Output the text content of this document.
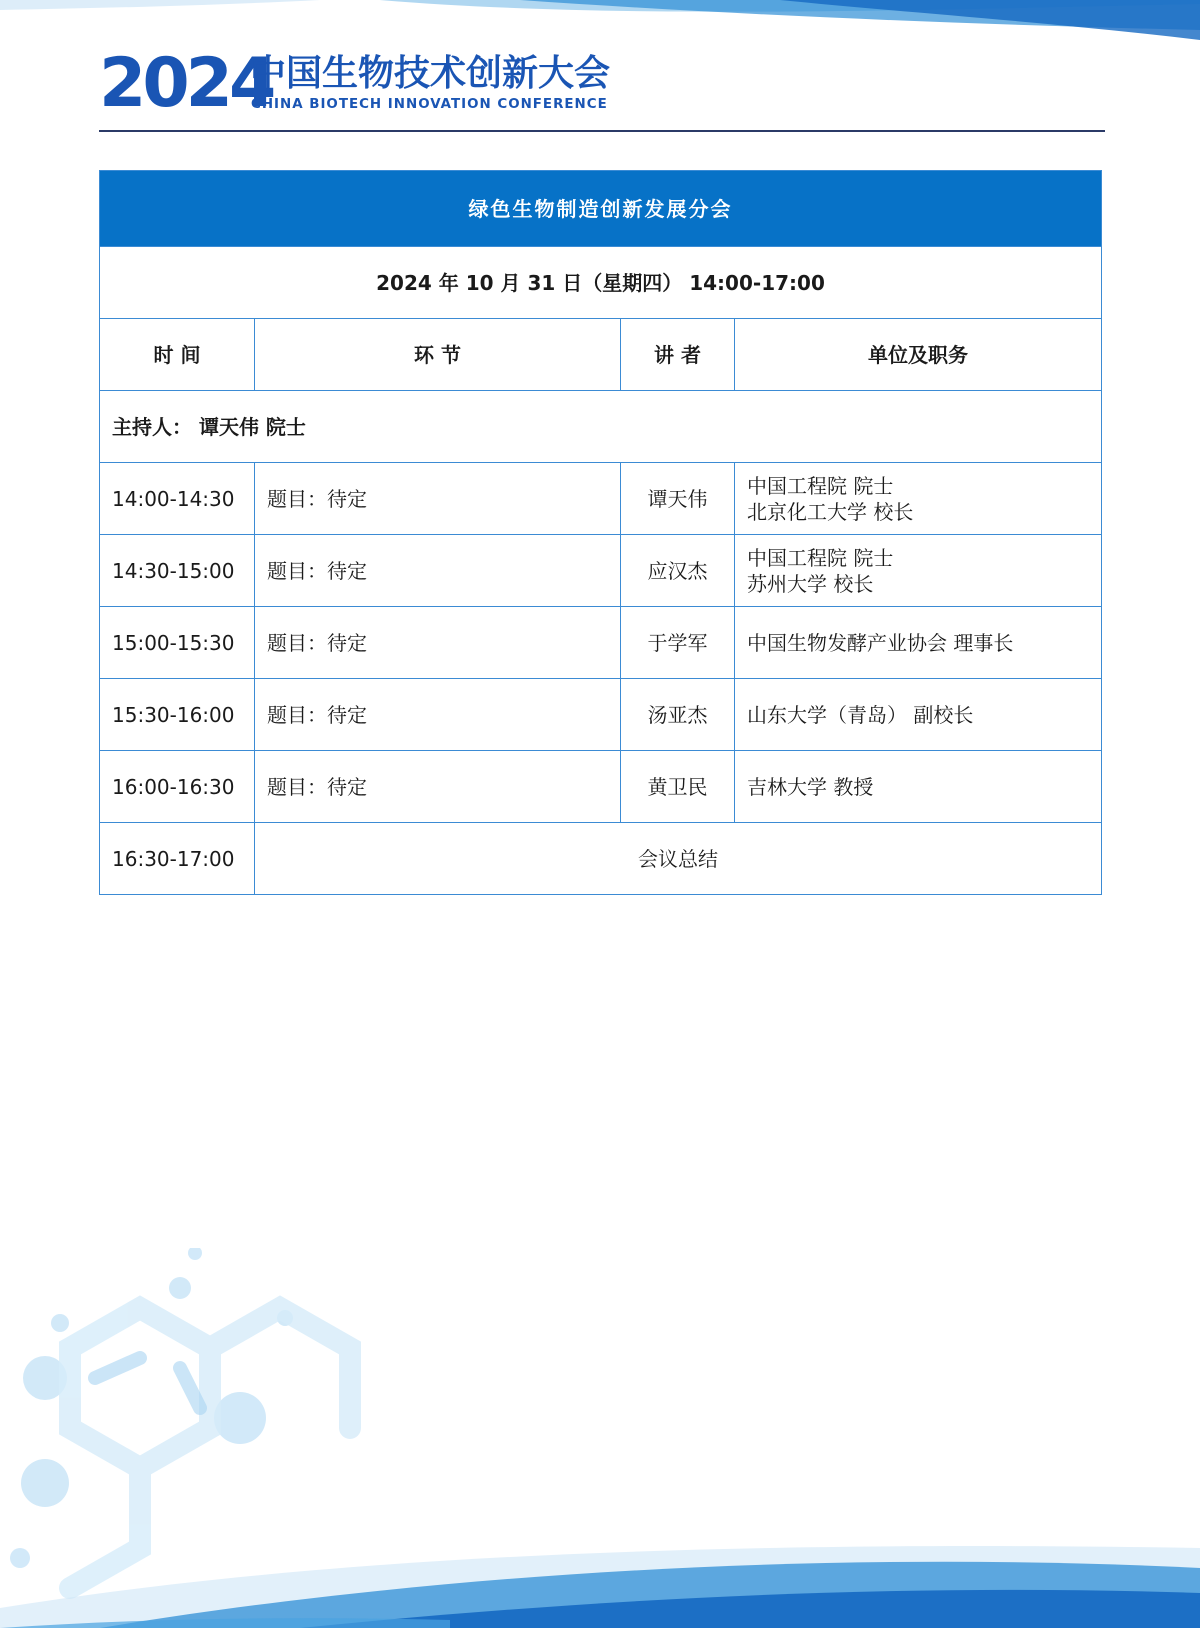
2024
中国生物技术创新大会
CHINA BIOTECH INNOVATION CONFERENCE
绿色生物制造创新发展分会			
2024 年 10 月 31 日（星期四） 14:00-17:00			
时 间	环 节	讲 者	单位及职务
主持人： 谭天伟 院士			
14:00-14:30	题目：待定	谭天伟	中国工程院 院士
北京化工大学 校长

14:30-15:00	题目：待定	应汉杰	中国工程院 院士
苏州大学 校长

15:00-15:30	题目：待定	于学军	中国生物发酵产业协会 理事长
15:30-16:00	题目：待定	汤亚杰	山东大学（青岛） 副校长
16:00-16:30	题目：待定	黄卫民	吉林大学 教授
16:30-17:00	会议总结		
